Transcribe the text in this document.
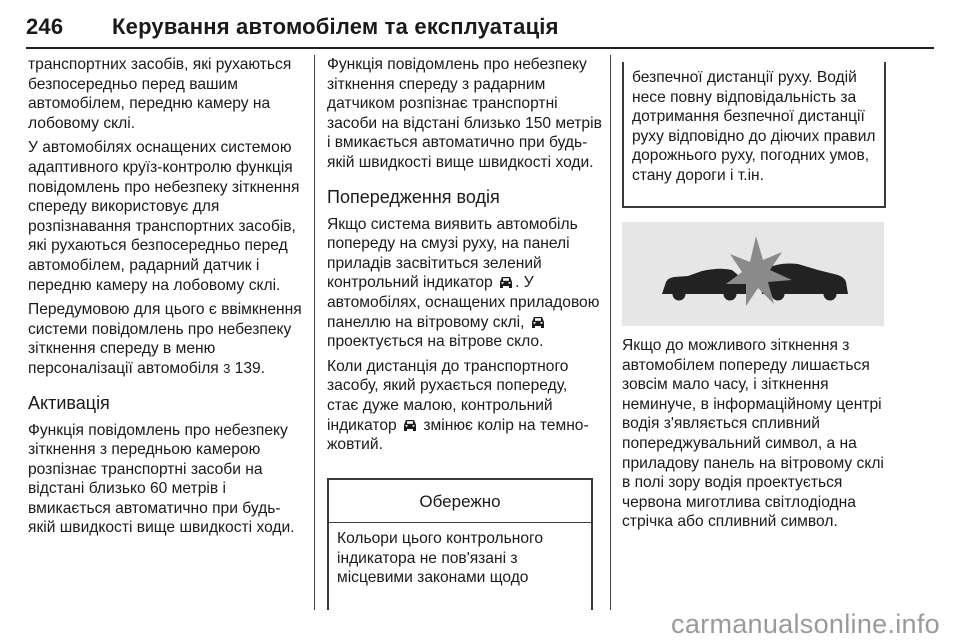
246 Керування автомобілем та експлуатація

транспортних засобів, які рухаються безпосередньо перед вашим автомобілем, передню камеру на лобовому склі.

У автомобілях оснащених системою адаптивного круїз-контролю функція повідомлень про небезпеку зіткнення спереду використовує для розпізнавання транспортних засобів, які рухаються безпосередньо перед автомобілем, радарний датчик і передню камеру на лобовому склі.

Передумовою для цього є ввімкнення системи повідомлень про небезпеку зіткнення спереду в меню персоналізації автомобіля 3 139.

Активація

Функція повідомлень про небезпеку зіткнення з передньою камерою розпізнає транспортні засоби на відстані близько 60 метрів і вмикається автоматично при будь-якій швидкості вище швидкості ходи.

Функція повідомлень про небезпеку зіткнення спереду з радарним датчиком розпізнає транспортні засоби на відстані близько 150 метрів і вмикається автоматично при будь-якій швидкості вище швидкості ходи.

Попередження водія

Якщо система виявить автомобіль попереду на смузі руху, на панелі приладів засвітиться зелений контрольний індикатор . У автомобілях, оснащених приладовою панеллю на вітровому склі,  проектується на вітрове скло.

Коли дистанція до транспортного засобу, який рухається попереду, стає дуже малою, контрольний індикатор змінює колір на темно-жовтий.

Обережно
Кольори цього контрольного індикатора не пов'язані з місцевими законами щодо
безпечної дистанції руху. Водій несе повну відповідальність за дотримання безпечної дистанції руху відповідно до діючих правил дорожнього руху, погодних умов, стану дороги і т.ін.

Якщо до можливого зіткнення з автомобілем попереду лишається зовсім мало часу, і зіткнення неминуче, в інформаційному центрі водія з'являється спливний попереджувальний символ, а на приладову панель на вітровому склі в полі зору водія проектується червона миготлива світлодіодна стрічка або спливний символ.

carmanualsonline.info
